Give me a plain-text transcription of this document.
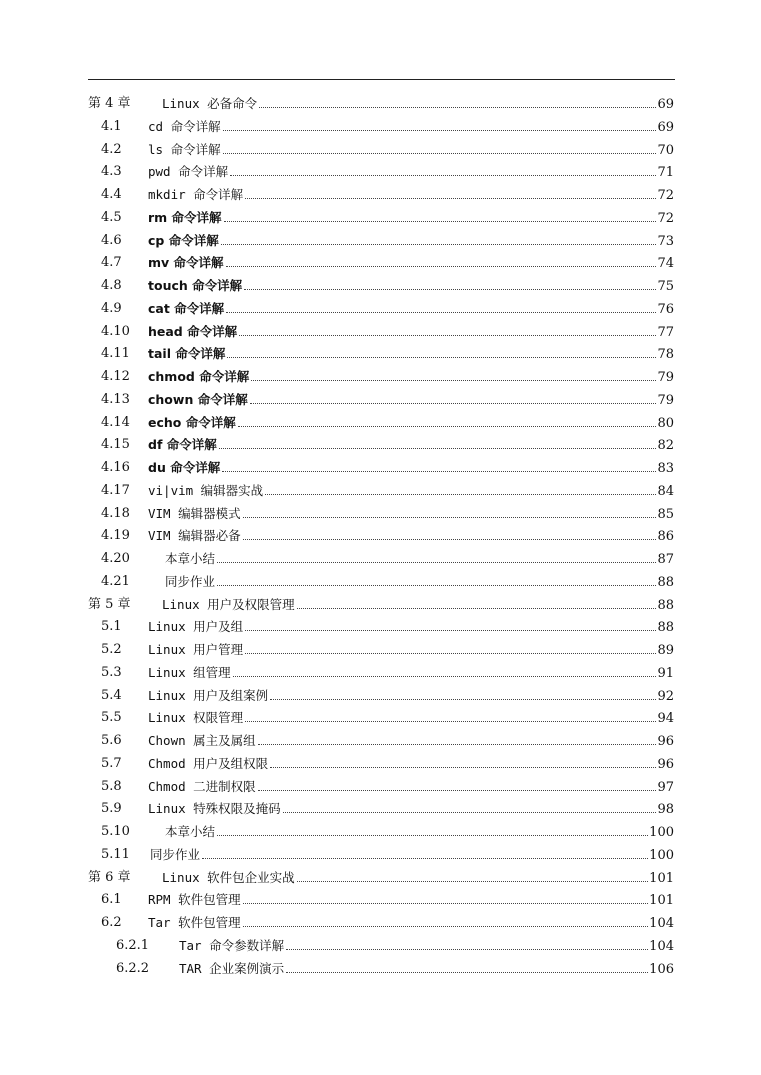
第 4 章	Linux 必备命令	69
4.1 cd 命令详解	69
4.2 ls 命令详解	70
4.3 pwd 命令详解	71
4.4 mkdir 命令详解	72
4.5 rm 命令详解	72
4.6 cp 命令详解	73
4.7 mv 命令详解	74
4.8 touch 命令详解	75
4.9 cat 命令详解	76
4.10 head 命令详解	77
4.11 tail 命令详解	78
4.12 chmod 命令详解	79
4.13 chown 命令详解	79
4.14 echo 命令详解	80
4.15 df 命令详解	82
4.16 du 命令详解	83
4.17 vi|vim 编辑器实战	84
4.18 VIM 编辑器模式	85
4.19 VIM 编辑器必备	86
4.20	本章小结	87
4.21	同步作业	88
第 5 章	Linux 用户及权限管理	88
5.1 Linux 用户及组	88
5.2 Linux 用户管理	89
5.3 Linux 组管理	91
5.4 Linux 用户及组案例	92
5.5 Linux 权限管理	94
5.6 Chown 属主及属组	96
5.7 Chmod 用户及组权限	96
5.8 Chmod 二进制权限	97
5.9 Linux 特殊权限及掩码	98
5.10	本章小结	100
5.11 同步作业	100
第 6 章	Linux 软件包企业实战	101
6.1 RPM 软件包管理	101
6.2 Tar 软件包管理	104
6.2.1 Tar 命令参数详解	104
6.2.2 TAR 企业案例演示	106
